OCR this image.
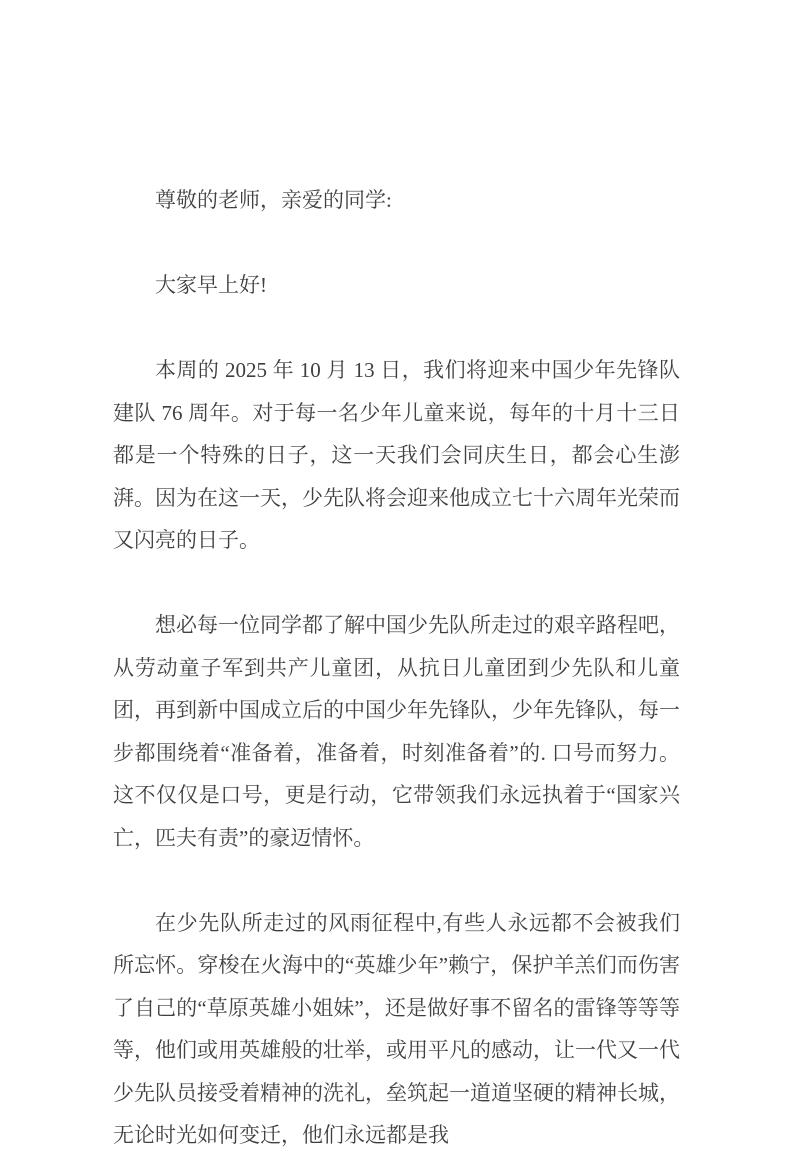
尊敬的老师，亲爱的同学:

大家早上好!

本周的 2025 年 10 月 13 日，我们将迎来中国少年先锋队建队 76 周年。对于每一名少年儿童来说，每年的十月十三日都是一个特殊的日子，这一天我们会同庆生日，都会心生澎湃。因为在这一天，少先队将会迎来他成立七十六周年光荣而又闪亮的日子。

想必每一位同学都了解中国少先队所走过的艰辛路程吧，从劳动童子军到共产儿童团，从抗日儿童团到少先队和儿童团，再到新中国成立后的中国少年先锋队，少年先锋队，每一步都围绕着“准备着，准备着，时刻准备着”的. 口号而努力。这不仅仅是口号，更是行动，它带领我们永远执着于“国家兴亡，匹夫有责”的豪迈情怀。

在少先队所走过的风雨征程中,有些人永远都不会被我们所忘怀。穿梭在火海中的“英雄少年”赖宁，保护羊羔们而伤害了自己的“草原英雄小姐妹”，还是做好事不留名的雷锋等等等等，他们或用英雄般的壮举，或用平凡的感动，让一代又一代少先队员接受着精神的洗礼，垒筑起一道道坚硬的精神长城，无论时光如何变迁，他们永远都是我
